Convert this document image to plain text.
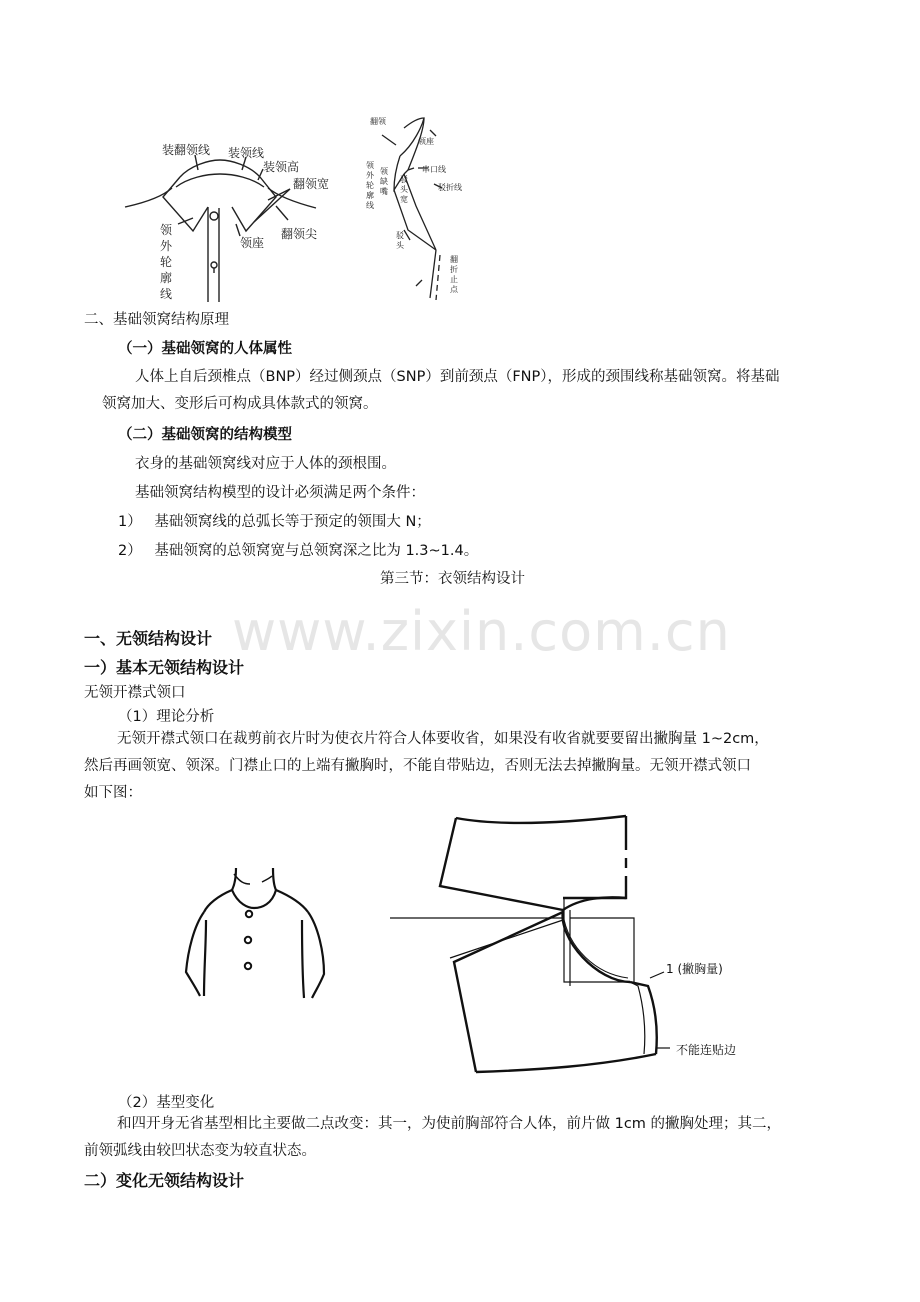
www.zixin.com.cn
装翻领线 装领线
装领高
翻领宽
领座
翻领尖
领
外
轮
廓
线
翻领
领座
串口线
驳折线
领
外
轮
廓
线
领
缺
嘴
驳
头
宽
驳
头
翻
折
止
点
二、基础领窝结构原理
（一）基础领窝的人体属性
人体上自后颈椎点（BNP）经过侧颈点（SNP）到前颈点（FNP），形成的颈围线称基础领窝。将基础
领窝加大、变形后可构成具体款式的领窝。
（二）基础领窝的结构模型
衣身的基础领窝线对应于人体的颈根围。
基础领窝结构模型的设计必须满足两个条件：
1） 基础领窝线的总弧长等于预定的领围大 N；
2） 基础领窝的总领窝宽与总领窝深之比为 1.3~1.4。
第三节：衣领结构设计
一、无领结构设计
一）基本无领结构设计
无领开襟式领口
（1）理论分析
无领开襟式领口在裁剪前衣片时为使衣片符合人体要收省，如果没有收省就要要留出撇胸量 1~2cm，
然后再画领宽、领深。门襟止口的上端有撇胸时，不能自带贴边，否则无法去掉撇胸量。无领开襟式领口
如下图：
1 (撇胸量)
不能连贴边
（2）基型变化
和四开身无省基型相比主要做二点改变：其一，为使前胸部符合人体，前片做 1cm 的撇胸处理；其二，
前领弧线由较凹状态变为较直状态。
二）变化无领结构设计
